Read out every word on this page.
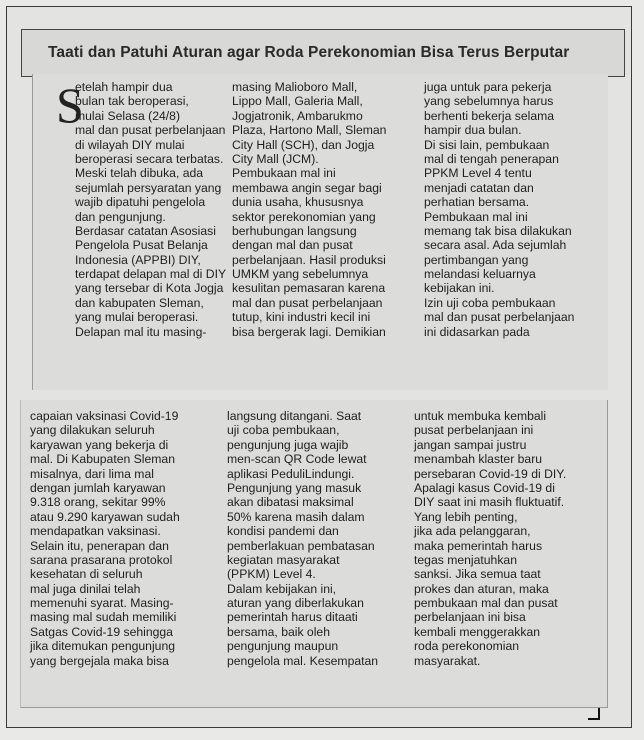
Taati dan Patuhi Aturan agar Roda Perekonomian Bisa Terus Berputar
S
etelah hampir dua
bulan tak beroperasi,
mulai Selasa (24/8)
mal dan pusat perbelanjaan
di wilayah DIY mulai
beroperasi secara terbatas.
Meski telah dibuka, ada
sejumlah persyaratan yang
wajib dipatuhi pengelola
dan pengunjung.
Berdasar catatan Asosiasi
Pengelola Pusat Belanja
Indonesia (APPBI) DIY,
terdapat delapan mal di DIY
yang tersebar di Kota Jogja
dan kabupaten Sleman,
yang mulai beroperasi.
Delapan mal itu masing-
masing Malioboro Mall,
Lippo Mall, Galeria Mall,
Jogjatronik, Ambarukmo
Plaza, Hartono Mall, Sleman
City Hall (SCH), dan Jogja
City Mall (JCM).
Pembukaan mal ini
membawa angin segar bagi
dunia usaha, khususnya
sektor perekonomian yang
berhubungan langsung
dengan mal dan pusat
perbelanjaan. Hasil produksi
UMKM yang sebelumnya
kesulitan pemasaran karena
mal dan pusat perbelanjaan
tutup, kini industri kecil ini
bisa bergerak lagi. Demikian
juga untuk para pekerja
yang sebelumnya harus
berhenti bekerja selama
hampir dua bulan.
Di sisi lain, pembukaan
mal di tengah penerapan
PPKM Level 4 tentu
menjadi catatan dan
perhatian bersama.
Pembukaan mal ini
memang tak bisa dilakukan
secara asal. Ada sejumlah
pertimbangan yang
melandasi keluarnya
kebijakan ini.
Izin uji coba pembukaan
mal dan pusat perbelanjaan
ini didasarkan pada
capaian vaksinasi Covid-19
yang dilakukan seluruh
karyawan yang bekerja di
mal. Di Kabupaten Sleman
misalnya, dari lima mal
dengan jumlah karyawan
9.318 orang, sekitar 99%
atau 9.290 karyawan sudah
mendapatkan vaksinasi.
Selain itu, penerapan dan
sarana prasarana protokol
kesehatan di seluruh
mal juga dinilai telah
memenuhi syarat. Masing-
masing mal sudah memiliki
Satgas Covid-19 sehingga
jika ditemukan pengunjung
yang bergejala maka bisa
langsung ditangani. Saat
uji coba pembukaan,
pengunjung juga wajib
men-scan QR Code lewat
aplikasi PeduliLindungi.
Pengunjung yang masuk
akan dibatasi maksimal
50% karena masih dalam
kondisi pandemi dan
pemberlakuan pembatasan
kegiatan masyarakat
(PPKM) Level 4.
Dalam kebijakan ini,
aturan yang diberlakukan
pemerintah harus ditaati
bersama, baik oleh
pengunjung maupun
pengelola mal. Kesempatan
untuk membuka kembali
pusat perbelanjaan ini
jangan sampai justru
menambah klaster baru
persebaran Covid-19 di DIY.
Apalagi kasus Covid-19 di
DIY saat ini masih fluktuatif.
Yang lebih penting,
jika ada pelanggaran,
maka pemerintah harus
tegas menjatuhkan
sanksi. Jika semua taat
prokes dan aturan, maka
pembukaan mal dan pusat
perbelanjaan ini bisa
kembali menggerakkan
roda perekonomian
masyarakat.
